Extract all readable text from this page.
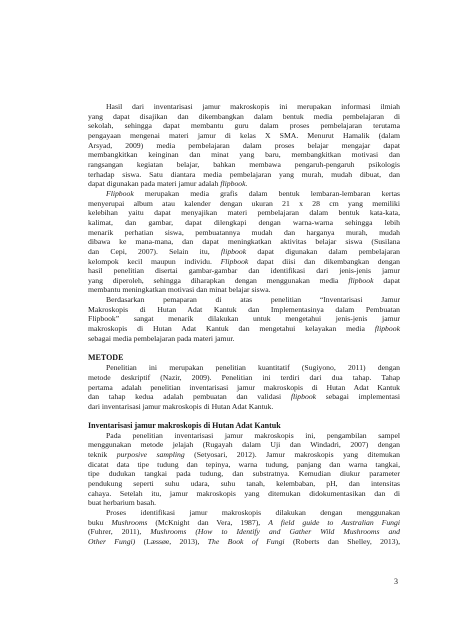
Hasil dari inventarisasi jamur makroskopis ini merupakan informasi ilmiah
yang dapat disajikan dan dikembangkan dalam bentuk media pembelajaran di
sekolah, sehingga dapat membantu guru dalam proses pembelajaran terutama
pengayaan mengenai materi jamur di kelas X SMA. Menurut Hamalik (dalam
Arsyad, 2009) media pembelajaran dalam proses belajar mengajar dapat
membangkitkan keinginan dan minat yang baru, membangkitkan motivasi dan
rangsangan kegiatan belajar, bahkan membawa pengaruh-pengaruh psikologis
terhadap siswa. Satu diantara media pembelajaran yang murah, mudah dibuat, dan
dapat digunakan pada materi jamur adalah flipbook.
Flipbook merupakan media grafis dalam bentuk lembaran-lembaran kertas
menyerupai album atau kalender dengan ukuran 21 x 28 cm yang memiliki
kelebihan yaitu dapat menyajikan materi pembelajaran dalam bentuk kata-kata,
kalimat, dan gambar, dapat dilengkapi dengan warna-warna sehingga lebih
menarik perhatian siswa, pembuatannya mudah dan harganya murah, mudah
dibawa ke mana-mana, dan dapat meningkatkan aktivitas belajar siswa (Susilana
dan Cepi, 2007). Selain itu, flipbook dapat digunakan dalam pembelajaran
kelompok kecil maupun individu. Flipbook dapat diisi dan dikembangkan dengan
hasil penelitian disertai gambar-gambar dan identifikasi dari jenis-jenis jamur
yang diperoleh, sehingga diharapkan dengan menggunakan media flipbook dapat
membantu meningkatkan motivasi dan minat belajar siswa.
Berdasarkan pemaparan di atas penelitian “Inventarisasi Jamur
Makroskopis di Hutan Adat Kantuk dan Implementasinya dalam Pembuatan
Flipbook” sangat menarik dilakukan untuk mengetahui jenis-jenis jamur
makroskopis di Hutan Adat Kantuk dan mengetahui kelayakan media flipbook
sebagai media pembelajaran pada materi jamur.

METODE

Penelitian ini merupakan penelitian kuantitatif (Sugiyono, 2011) dengan
metode deskriptif (Nazir, 2009). Penelitian ini terdiri dari dua tahap. Tahap
pertama adalah penelitian inventarisasi jamur makroskopis di Hutan Adat Kantuk
dan tahap kedua adalah pembuatan dan validasi flipbook sebagai implementasi
dari inventarisasi jamur makroskopis di Hutan Adat Kantuk.

Inventarisasi jamur makroskopis di Hutan Adat Kantuk

Pada penelitian inventarisasi jamur makroskopis ini, pengambilan sampel
menggunakan metode jelajah (Rugayah dalam Uji dan Windadri, 2007) dengan
teknik purposive sampling (Setyosari, 2012). Jamur makroskopis yang ditemukan
dicatat data tipe tudung dan tepinya, warna tudung, panjang dan warna tangkai,
tipe dudukan tangkai pada tudung, dan substratnya. Kemudian diukur parameter
pendukung seperti suhu udara, suhu tanah, kelembaban, pH, dan intensitas
cahaya. Setelah itu, jamur makroskopis yang ditemukan didokumentasikan dan di
buat herbarium basah.
Proses identifikasi jamur makroskopis dilakukan dengan menggunakan
buku Mushrooms (McKnight dan Vera, 1987), A field guide to Australian Fungi
(Fuhrer, 2011), Mushrooms (How to Identify and Gather Wild Mushrooms and
Other Fungi) (Læssøe, 2013), The Book of Fungi (Roberts dan Shelley, 2013),
3
